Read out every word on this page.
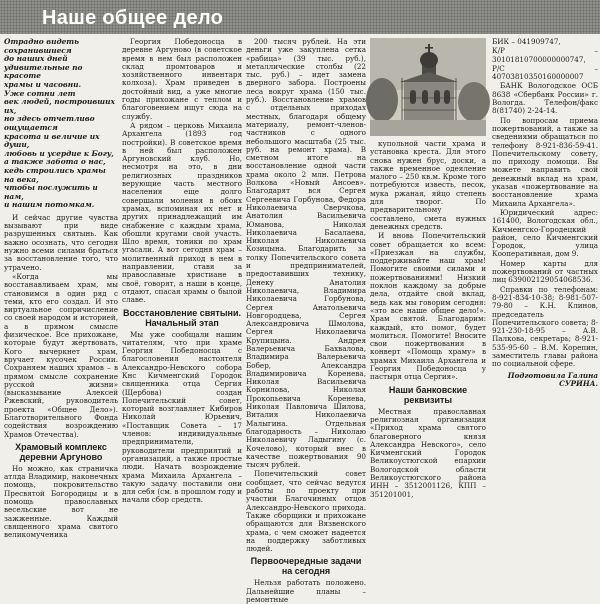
Наше общее дело
Отрадно видеть
сохранившиеся
до наших дней
удивительные по красоте
храмы и часовни.
Уже сотни лет
век людей, построивших их,
но здесь отчетливо
ощущается
красота и величие их души,
любовь и усердие к Богу,
а также забота о нас,
кедь строились храмы
на века,
чтобы послужить и нам,
и нашим потомкам.

И сейчас другие чувства вызывают при виде разрушенных святынь. Как важно осознать, что сегодня нужно всеми силами браться за восстановление того, что утрачено.

«Когда мы восстанавливаем храм, мы становимся в один ряд с теми, кто его создал. И это виртуальное сопричисление со своей народом и историей, а в прямом смысле физическое. Все прихожане, которые будут жертвовать, Кого вычеркнет храм, вручает кусочек России. Сохраняем наших храмов – в прямом смысле сохранение русской жизни» (высказывание Алексей Ржевский, руководитель проекта «Общее Дело»). Благотворительного Фонда содействия возрождению Храмов Отечества).

Храмовый комплекс деревни Аргуново

Но можно, как страничка атлда Владимир, наконечных помощь, покровительство Пресвятой Богородицы и в помощь православных весельские вот не зажженные. Каждый священного храма святого великомученика

Георгия Победоносца в деревне Аргуново (в советское время в нем был расположен склад промтоваров и хозяйственного инвентаря колхоза). Храм приведен в достойный вид, а уже многие годы прихожане с теплом и благоговением ищут сюда на службу.

А рядом – церковь Михаила Архангела (1893 год постройки). В советское время в ней был расположен Аргуновский клуб. Но, несмотря на это, в дни религиозных праздников верующие часть местного населения еще долго совершали моления в обоих храмах, вспоминая их нет и других принадлежащий им снабжение с каждым храма, обошли кругами свой участь. Шло время, тоники по храм угасали. А вот сегодня храм – молитвенный приход в нем в направлении, ставя за православные христиане в своё, говорят, а наши в конце, отдают, спасая храмы о былой славе.

Восстановление святыни. Начальный этап

Мы уже сообщали нашим читателям, что при храме Георгия Победоносца с благословения настоятеля Александро-Невского собора Кнс Кичменгский Городок священника отца Сергия (Щербова) создан Попечительский совет, который возглавляет Кибиров Николай Юрьевич, «Поставщик Совета – 17 членов: индивидуальные предприниматели, руководители предприятий и организаций, а также простые люди. Начать возрождение храма Михаила Архангела – такую задачу поставили они для себя (см. в прошлом году и начали сбор средств.

200 тысяч рублей. На эти деньги уже закуплена сетка «рабица» (39 тыс. руб.), металлические столбы (22 тыс. руб.) – идет замена дверного забора. Построены леса вокруг храма (150 тыс. руб.). Восстановление храмов с отдельных приходах местных, благодаря общему материалу, ремонт-членов-частников с одного небольшого масштаба (25 тыс. руб. на ремонт храма). В сметном итоге на восстановление одной части храма около 2 млн. Петрова Волкова «Новый Ансоев». Благодарят вся Сергея Сергеевича Горбунова, Федора Николаевича Сверчкова, Анатолия Васильевича Юманова, Николая Николаевича Басалаева, Николая Николаевича Козицына. Благодарить за толку Попечительского совета и предпринимателей, предоставивших технику, Денеку Анатолия Николаевича, Владимира Николаевича Горбунова, Сергея Анатольевича Новгородцева, Сергея Александровича Шмолова, Сергея Николаевича Крупицына. Андрея Валерьевича Бахвалова, Владимира Валерьевича Бобер, Александра Владимировича Коренева, Николая Васильевича Корнилова, Николая Прокопьевича Коренева, Николая Павловича Шилова, Виталия Николаевича Малыгина. Отдельная благодарность – Николаю Николаевичу Ладыгину (с. Кочелово), который внес в качестве пожертвования 90 тысяч рублей.

Попечительский совет сообщает, что сейчас ведутся работы по проекту при участии Благочинных отцов Александро-Невского прихода. Также сборщики и прихожане обращаются для Вязвенского храма, с чем сможет надеется на поддержку заботливых людей.

Первоочередные задачи на сегодня

Нельзя работать положено. Дальнейшие планы – ремонтные

купольной части храма и установка креста. Для этого снова нужен брус, доски, а также временное одеяление малого – 250 кв.м. Кроме того потребуются известь, песок, мука ржаная, яйцо степень для творог. По предварительному составлено, смета нужных денежных средств.

И вновь Попечительский совет обращается ко всем: «Приезжая на службы, поддерживайте наш храм! Помогите своими силами и пожертвованиями! Низкий поклон каждому за добрые дела, отдайте свой вклад, ведь как мы говорим сегодня: «это все наше общее дело!». Храм святой. Благодарим: каждый, кто помог, будет молиться. Помогите! Вносите свои пожертвования в конверт «Помощь храму» в храмах Михаила Архангела и Георгия Победоносца у пастыря отца Сергия».

Наши банковские реквизиты

Местная православная религиозная организация «Приход храма святого благоверного князя Александра Невского», село Кичменгский Городок Великоустюгской епархии Вологодской области Великоустюгского района ИНН – 3512001126, КПП – 351201001,

БИК – 041909747,

К/Р – 30101810700000000747,

Р/С – 40703810350160000007

БАНК Вологодское ОСБ 8638 «Сбербанк России» г. Вологда. Телефон/факс 8(81740) 2-24-14.

По вопросам приема пожертвований, а также за сведениями обращаться по телефону 8-921-836-59-41. Попечительскому совету, по приходу помощи. Вы можете направить свой денежный вклад на храм, указав «пожертвование на восстановление храма Михаила Архангела».

Юридический адрес: 161400, Вологодская обл., Кичменгско-Городецкий район, село Кичменгский Городок, улица Кооперативная, дом 9.

Номер карты для пожертвований от частных лиц 639002129054068536.

Справки по телефонам: 8-921-834-10-38; 8-981-507-79-80 – К.Н. Клинов, председатель Попечительского совета; 8-921-230-18-95 – А.В. Палкова, секретарь; 8-921-535-95-60 – В.М. Корепин, заместитель главы района по социальной сфере.

Подготовила Галина СУРИНА.
